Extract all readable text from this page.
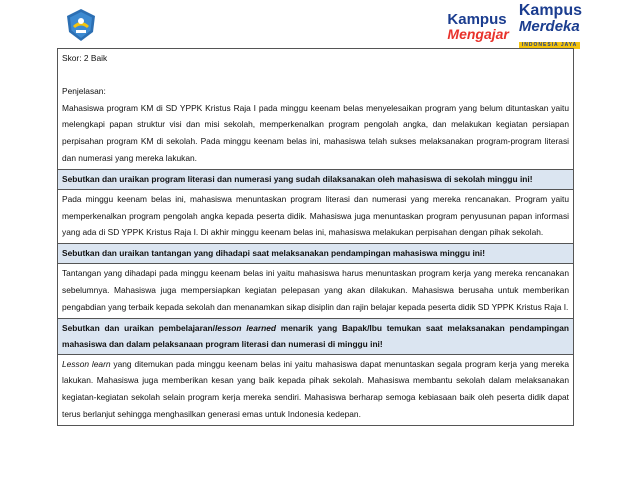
Kampus
Mengajar
Kampus
Merdeka
INDONESIA JAYA
Skor: 2 Baik
Penjelasan:
Mahasiswa program KM di SD YPPK Kristus Raja I pada minggu keenam belas menyelesaikan program yang belum dituntaskan yaitu melengkapi papan struktur visi dan misi sekolah, memperkenalkan program pengolah angka, dan melakukan kegiatan persiapan perpisahan program KM di sekolah. Pada minggu keenam belas ini, mahasiswa telah sukses melaksanakan program-program literasi dan numerasi yang mereka lakukan.
Sebutkan dan uraikan program literasi dan numerasi yang sudah dilaksanakan oleh mahasiswa di sekolah minggu ini!
Pada minggu keenam belas ini, mahasiswa menuntaskan program literasi dan numerasi yang mereka rencanakan. Program yaitu memperkenalkan program pengolah angka kepada peserta didik. Mahasiswa juga menuntaskan program penyusunan papan informasi yang ada di SD YPPK Kristus Raja I. Di akhir minggu keenam belas ini, mahasiswa melakukan perpisahan dengan pihak sekolah.
Sebutkan dan uraikan tantangan yang dihadapi saat melaksanakan pendampingan mahasiswa minggu ini!
Tantangan yang dihadapi pada minggu keenam belas ini yaitu mahasiswa harus menuntaskan program kerja yang mereka rencanakan sebelumnya. Mahasiswa juga mempersiapkan kegiatan pelepasan yang akan dilakukan. Mahasiswa berusaha untuk memberikan pengabdian yang terbaik kepada sekolah dan menanamkan sikap disiplin dan rajin belajar kepada peserta didik SD YPPK Kristus Raja I.
Sebutkan dan uraikan pembelajaran/lesson learned menarik yang Bapak/Ibu temukan saat melaksanakan pendampingan mahasiswa dan dalam pelaksanaan program literasi dan numerasi di minggu ini!
Lesson learn yang ditemukan pada minggu keenam belas ini yaitu mahasiswa dapat menuntaskan segala program kerja yang mereka lakukan. Mahasiswa juga memberikan kesan yang baik kepada pihak sekolah. Mahasiswa membantu sekolah dalam melaksanakan kegiatan-kegiatan sekolah selain program kerja mereka sendiri. Mahasiswa berharap semoga kebiasaan baik oleh peserta didik dapat terus berlanjut sehingga menghasilkan generasi emas untuk Indonesia kedepan.
